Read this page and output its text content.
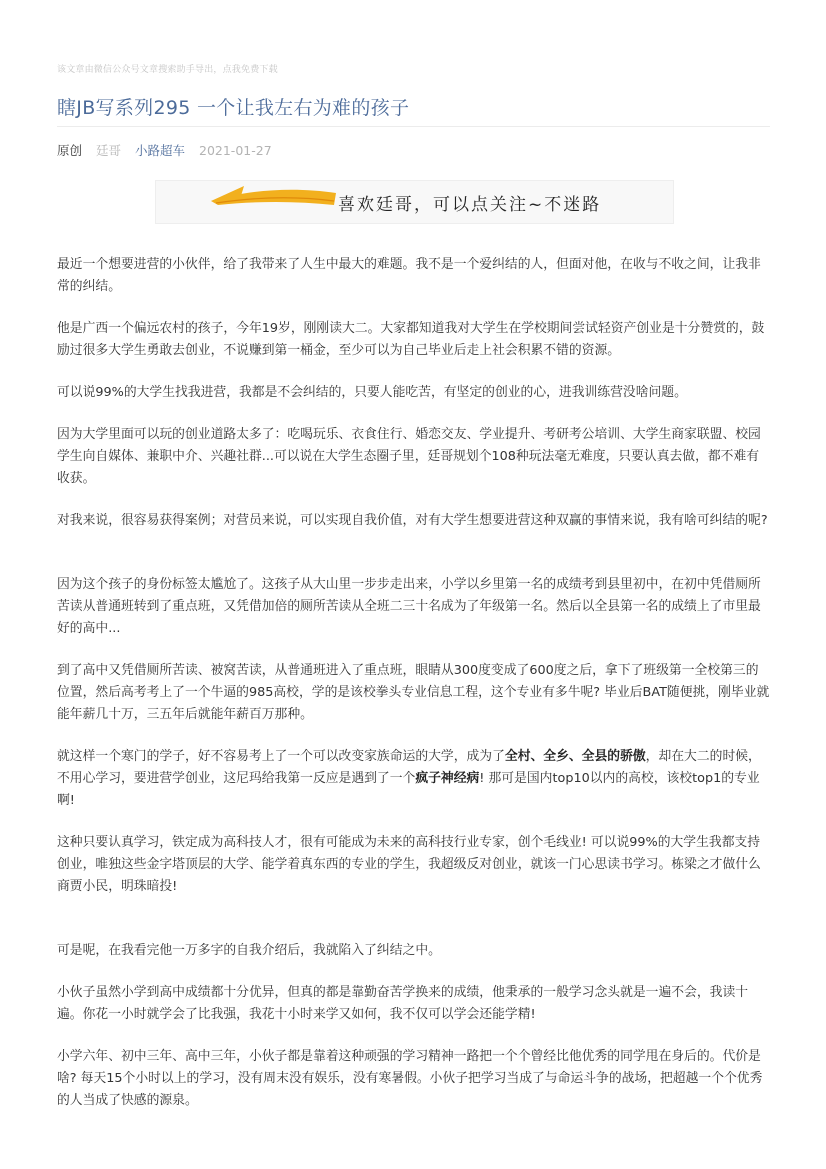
该文章由微信公众号文章搜索助手导出，点我免费下载
瞎JB写系列295 一个让我左右为难的孩子
原创 廷哥 小路超车 2021-01-27
喜欢廷哥，可以点关注~不迷路

最近一个想要进营的小伙伴，给了我带来了人生中最大的难题。我不是一个爱纠结的人，但面对他，在收与不收之间，让我非常的纠结。

他是广西一个偏远农村的孩子，今年19岁，刚刚读大二。大家都知道我对大学生在学校期间尝试轻资产创业是十分赞赏的，鼓励过很多大学生勇敢去创业，不说赚到第一桶金，至少可以为自己毕业后走上社会积累不错的资源。

可以说99%的大学生找我进营，我都是不会纠结的，只要人能吃苦，有坚定的创业的心，进我训练营没啥问题。

因为大学里面可以玩的创业道路太多了：吃喝玩乐、衣食住行、婚恋交友、学业提升、考研考公培训、大学生商家联盟、校园学生向自媒体、兼职中介、兴趣社群...可以说在大学生态圈子里，廷哥规划个108种玩法毫无难度，只要认真去做，都不难有收获。

对我来说，很容易获得案例；对营员来说，可以实现自我价值，对有大学生想要进营这种双赢的事情来说，我有啥可纠结的呢?

因为这个孩子的身份标签太尴尬了。这孩子从大山里一步步走出来，小学以乡里第一名的成绩考到县里初中，在初中凭借厕所苦读从普通班转到了重点班，又凭借加倍的厕所苦读从全班二三十名成为了年级第一名。然后以全县第一名的成绩上了市里最好的高中...

到了高中又凭借厕所苦读、被窝苦读，从普通班进入了重点班，眼睛从300度变成了600度之后，拿下了班级第一全校第三的位置，然后高考考上了一个牛逼的985高校，学的是该校拳头专业信息工程，这个专业有多牛呢? 毕业后BAT随便挑，刚毕业就能年薪几十万，三五年后就能年薪百万那种。

就这样一个寒门的学子，好不容易考上了一个可以改变家族命运的大学，成为了全村、全乡、全县的骄傲，却在大二的时候，不用心学习，要进营学创业，这尼玛给我第一反应是遇到了一个疯子神经病! 那可是国内top10以内的高校，该校top1的专业啊!

这种只要认真学习，铁定成为高科技人才，很有可能成为未来的高科技行业专家，创个毛线业! 可以说99%的大学生我都支持创业，唯独这些金字塔顶层的大学、能学着真东西的专业的学生，我超级反对创业，就该一门心思读书学习。栋梁之才做什么商贾小民，明珠暗投!

可是呢，在我看完他一万多字的自我介绍后，我就陷入了纠结之中。

小伙子虽然小学到高中成绩都十分优异，但真的都是靠勤奋苦学换来的成绩，他秉承的一般学习念头就是一遍不会，我读十遍。你花一小时就学会了比我强，我花十小时来学又如何，我不仅可以学会还能学精!

小学六年、初中三年、高中三年，小伙子都是靠着这种顽强的学习精神一路把一个个曾经比他优秀的同学甩在身后的。代价是啥? 每天15个小时以上的学习，没有周末没有娱乐，没有寒暑假。小伙子把学习当成了与命运斗争的战场，把超越一个个优秀的人当成了快感的源泉。
